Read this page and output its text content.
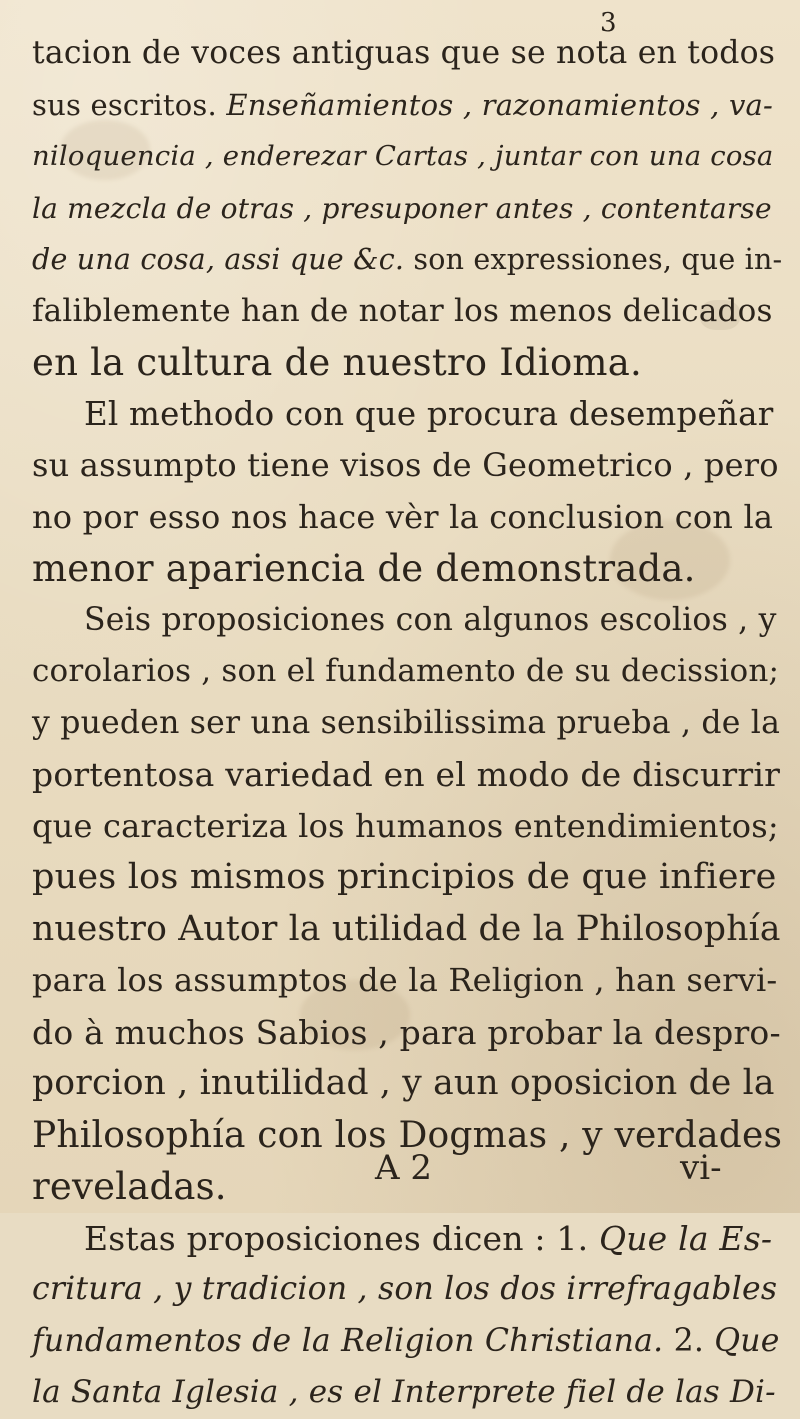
3
tacion de voces antiguas que se nota en todos
sus escritos. Enseñamientos , razonamientos , va-
niloquencia , enderezar Cartas , juntar con una cosa
la mezcla de otras , presuponer antes , contentarse
de una cosa, assi que &c. son expressiones, que in-
faliblemente han de notar los menos delicados
en la cultura de nuestro Idioma.
El methodo con que procura desempeñar
su assumpto tiene visos de Geometrico , pero
no por esso nos hace vèr la conclusion con la
menor apariencia de demonstrada.
Seis proposiciones con algunos escolios , y
corolarios , son el fundamento de su decission;
y pueden ser una sensibilissima prueba , de la
portentosa variedad en el modo de discurrir
que caracteriza los humanos entendimientos;
pues los mismos principios de que infiere
nuestro Autor la utilidad de la Philosophía
para los assumptos de la Religion , han servi-
do à muchos Sabios , para probar la despro-
porcion , inutilidad , y aun oposicion de la
Philosophía con los Dogmas , y verdades
reveladas.
Estas proposiciones dicen : 1. Que la Es-
critura , y tradicion , son los dos irrefragables
fundamentos de la Religion Christiana. 2. Que
la Santa Iglesia , es el Interprete fiel de las Di-
A 2	vi-
